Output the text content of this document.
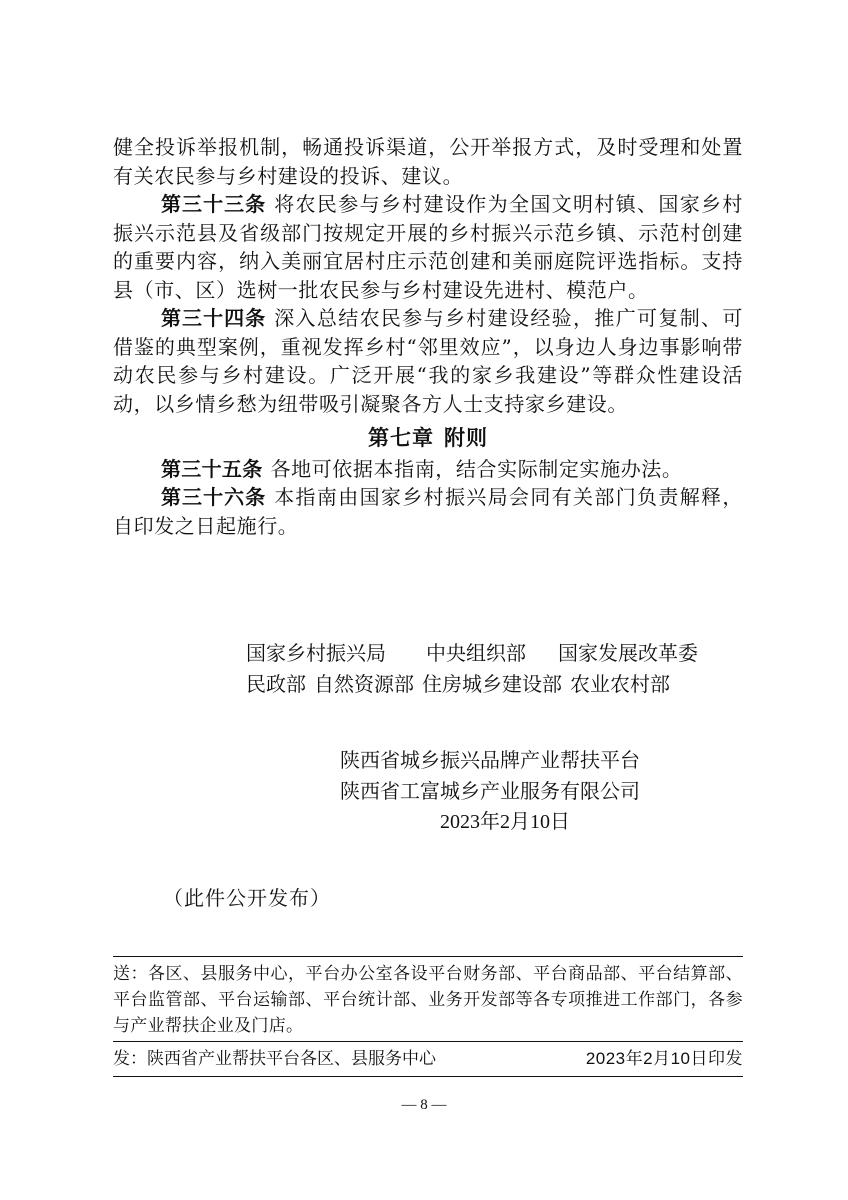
健全投诉举报机制，畅通投诉渠道，公开举报方式，及时受理和处置有关农民参与乡村建设的投诉、建议。

第三十三条 将农民参与乡村建设作为全国文明村镇、国家乡村振兴示范县及省级部门按规定开展的乡村振兴示范乡镇、示范村创建的重要内容，纳入美丽宜居村庄示范创建和美丽庭院评选指标。支持县（市、区）选树一批农民参与乡村建设先进村、模范户。

第三十四条 深入总结农民参与乡村建设经验，推广可复制、可借鉴的典型案例，重视发挥乡村“邻里效应”，以身边人身边事影响带动农民参与乡村建设。广泛开展“我的家乡我建设”等群众性建设活动，以乡情乡愁为纽带吸引凝聚各方人士支持家乡建设。

第七章 附则

第三十五条 各地可依据本指南，结合实际制定实施办法。

第三十六条 本指南由国家乡村振兴局会同有关部门负责解释，自印发之日起施行。

国家乡村振兴局 中央组织部 国家发展改革委
民政部 自然资源部 住房城乡建设部 农业农村部
陕西省城乡振兴品牌产业帮扶平台
陕西省工富城乡产业服务有限公司
2023年2月10日
（此件公开发布）
送：各区、县服务中心，平台办公室各设平台财务部、平台商品部、平台结算部、平台监管部、平台运输部、平台统计部、业务开发部等各专项推进工作部门，各参与产业帮扶企业及门店。
发：陕西省产业帮扶平台各区、县服务中心	2023年2月10日印发
— 8 —
